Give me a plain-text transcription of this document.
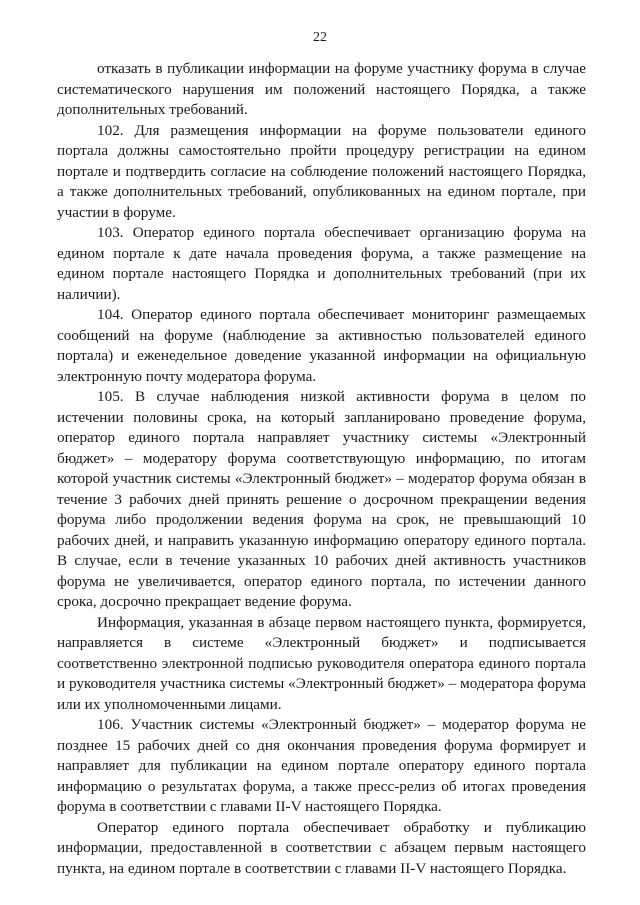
22

отказать в публикации информации на форуме участнику форума в случае систематического нарушения им положений настоящего Порядка, а также дополнительных требований.

102. Для размещения информации на форуме пользователи единого портала должны самостоятельно пройти процедуру регистрации на едином портале и подтвердить согласие на соблюдение положений настоящего Порядка, а также дополнительных требований, опубликованных на едином портале, при участии в форуме.

103. Оператор единого портала обеспечивает организацию форума на едином портале к дате начала проведения форума, а также размещение на едином портале настоящего Порядка и дополнительных требований (при их наличии).

104. Оператор единого портала обеспечивает мониторинг размещаемых сообщений на форуме (наблюдение за активностью пользователей единого портала) и еженедельное доведение указанной информации на официальную электронную почту модератора форума.

105. В случае наблюдения низкой активности форума в целом по истечении половины срока, на который запланировано проведение форума, оператор единого портала направляет участнику системы «Электронный бюджет» – модератору форума соответствующую информацию, по итогам которой участник системы «Электронный бюджет» – модератор форума обязан в течение 3 рабочих дней принять решение о досрочном прекращении ведения форума либо продолжении ведения форума на срок, не превышающий 10 рабочих дней, и направить указанную информацию оператору единого портала. В случае, если в течение указанных 10 рабочих дней активность участников форума не увеличивается, оператор единого портала, по истечении данного срока, досрочно прекращает ведение форума.

Информация, указанная в абзаце первом настоящего пункта, формируется, направляется в системе «Электронный бюджет» и подписывается соответственно электронной подписью руководителя оператора единого портала и руководителя участника системы «Электронный бюджет» – модератора форума или их уполномоченными лицами.

106. Участник системы «Электронный бюджет» – модератор форума не позднее 15 рабочих дней со дня окончания проведения форума формирует и направляет для публикации на едином портале оператору единого портала информацию о результатах форума, а также пресс-релиз об итогах проведения форума в соответствии с главами II-V настоящего Порядка.

Оператор единого портала обеспечивает обработку и публикацию информации, предоставленной в соответствии с абзацем первым настоящего пункта, на едином портале в соответствии с главами II-V настоящего Порядка.
